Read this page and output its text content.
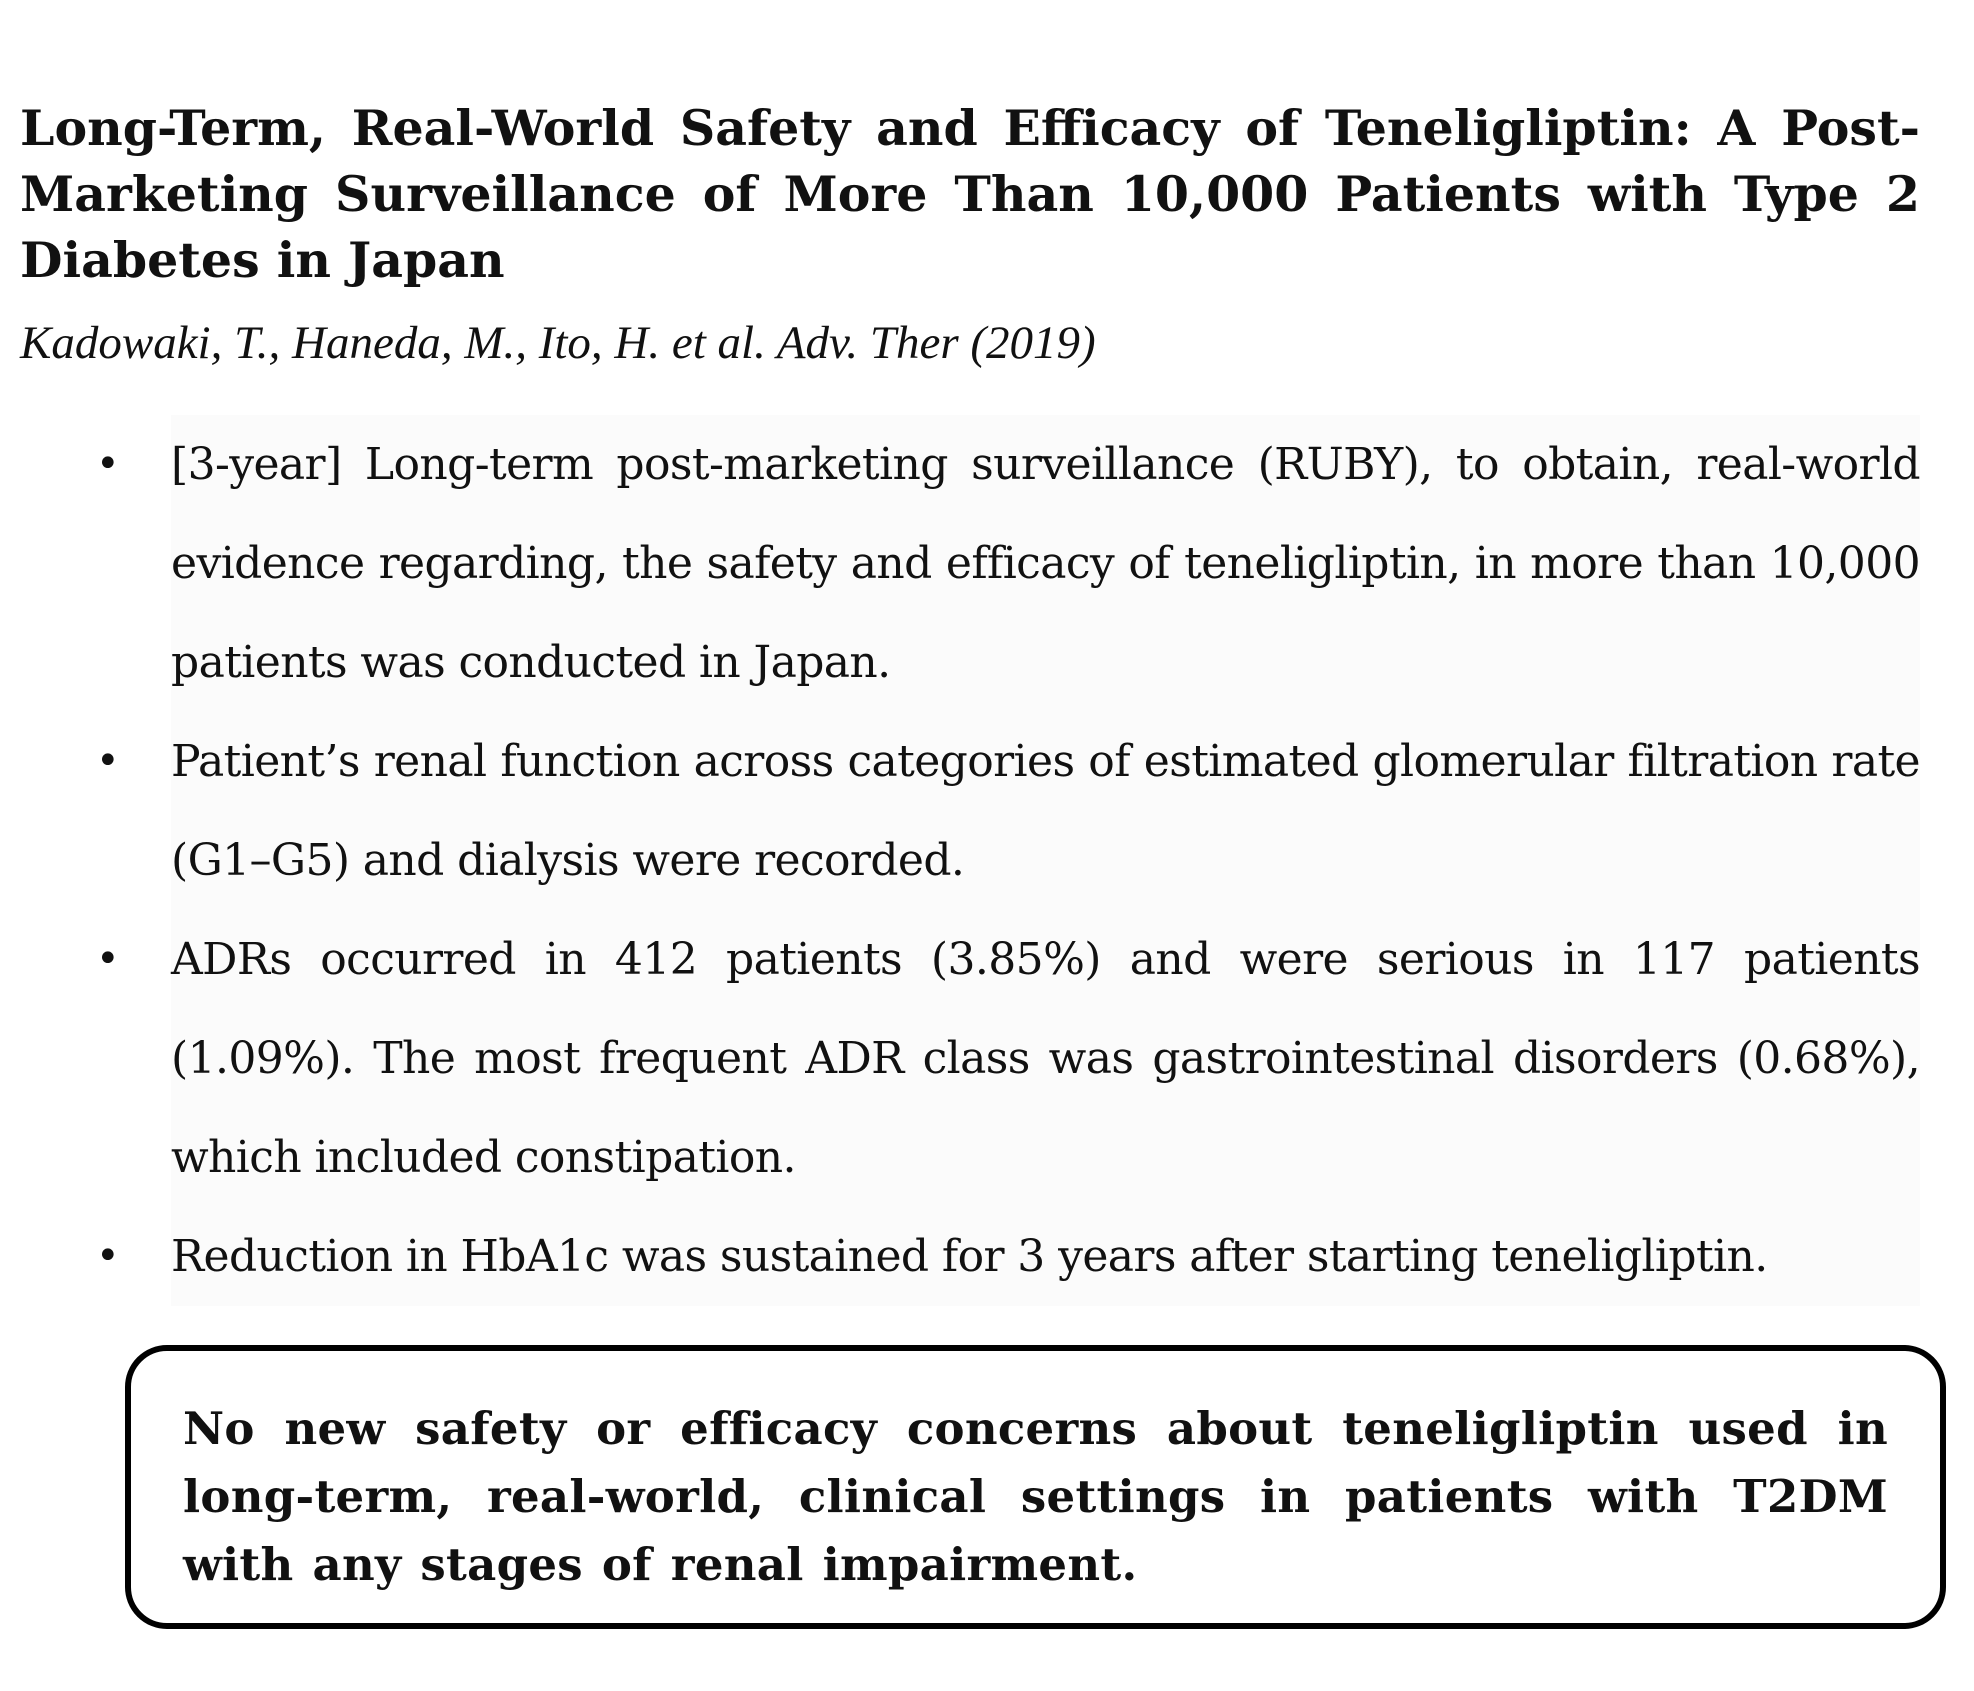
Long-Term, Real-World Safety and Efficacy of Teneligliptin: A Post-Marketing Surveillance of More Than 10,000 Patients with Type 2 Diabetes in Japan
Kadowaki, T., Haneda, M., Ito, H. et al. Adv. Ther (2019)
• [3-year] Long-term post-marketing surveillance (RUBY), to obtain, real-world evidence regarding, the safety and efficacy of teneligliptin, in more than 10,000 patients was conducted in Japan.
• Patient’s renal function across categories of estimated glomerular filtration rate (G1–G5) and dialysis were recorded.
• ADRs occurred in 412 patients (3.85%) and were serious in 117 patients (1.09%). The most frequent ADR class was gastrointestinal disorders (0.68%), which included constipation.
• Reduction in HbA1c was sustained for 3 years after starting teneligliptin.
No new safety or efficacy concerns about teneligliptin used in long-term, real-world, clinical settings in patients with T2DM with any stages of renal impairment.
